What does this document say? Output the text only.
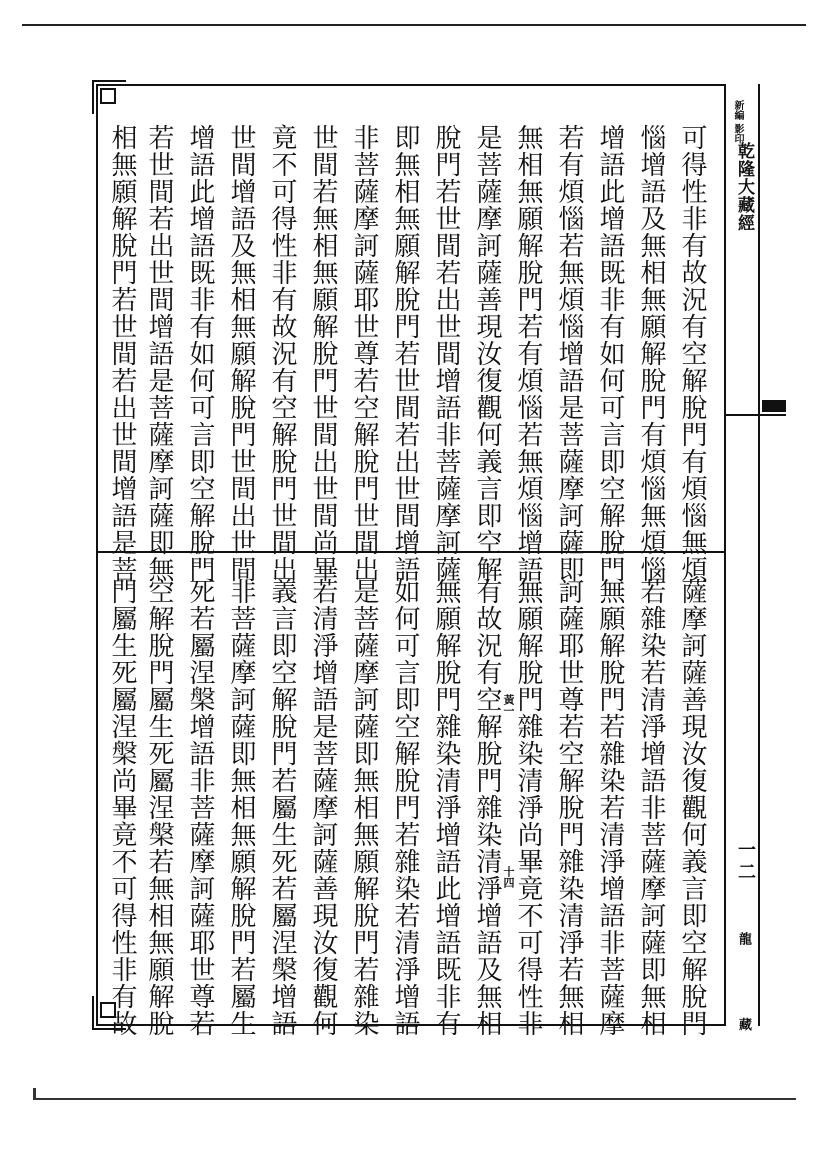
新編 影印
乾隆大藏經
一二
龍 藏
可得性非有故況有空解脫門有煩惱無煩
惱增語及無相無願解脫門有煩惱無煩惱
增語此增語既非有如何可言即空解脫門
若有煩惱若無煩惱增語是菩薩摩訶薩即
無相無願解脫門若有煩惱若無煩惱增語
是菩薩摩訶薩善現汝復觀何義言即空解
脫門若世間若出世間增語非菩薩摩訶薩
即無相無願解脫門若世間若出世間增語
非菩薩摩訶薩耶世尊若空解脫門世間出
世間若無相無願解脫門世間出世間尚畢
竟不可得性非有故況有空解脫門世間出
世間增語及無相無願解脫門世間出世間
增語此增語既非有如何可言即空解脫門
若世間若出世間增語是菩薩摩訶薩即無
相無願解脫門若世間若出世間增語是菩
薩摩訶薩善現汝復觀何義言即空解脫門
若雜染若清淨增語非菩薩摩訶薩即無相
無願解脫門若雜染若清淨增語非菩薩摩
訶薩耶世尊若空解脫門雜染清淨若無相
無願解脫門雜染清淨尚畢竟不可得性非
有故況有空解脫門雜染清淨增語及無相
無願解脫門雜染清淨增語此增語既非有
如何可言即空解脫門若雜染若清淨增語
是菩薩摩訶薩即無相無願解脫門若雜染
若清淨增語是菩薩摩訶薩善現汝復觀何
義言即空解脫門若屬生死若屬涅槃增語
非菩薩摩訶薩即無相無願解脫門若屬生
死若屬涅槃增語非菩薩摩訶薩耶世尊若
空解脫門屬生死屬涅槃若無相無願解脫
門屬生死屬涅槃尚畢竟不可得性非有故	黃一
十四
